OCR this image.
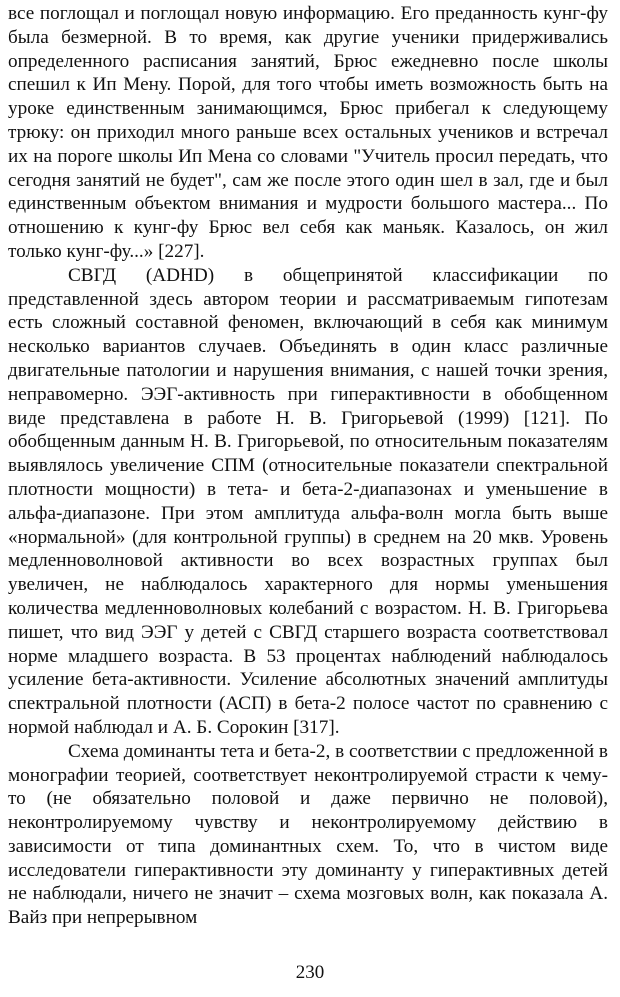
все поглощал и поглощал новую информацию. Его преданность кунг-фу была безмерной. В то время, как другие ученики придерживались определенного расписания занятий, Брюс ежедневно после школы спешил к Ип Мену. Порой, для того чтобы иметь возможность быть на уроке единственным занимающимся, Брюс прибегал к следующему трюку: он приходил много раньше всех остальных учеников и встречал их на пороге школы Ип Мена со словами "Учитель просил передать, что сегодня занятий не будет", сам же после этого один шел в зал, где и был единственным объектом внимания и мудрости большого мастера... По отношению к кунг-фу Брюс вел себя как маньяк. Казалось, он жил только кунг-фу...» [227].

СВГД (ADHD) в общепринятой классификации по представленной здесь автором теории и рассматриваемым гипотезам есть сложный составной феномен, включающий в себя как минимум несколько вариантов случаев. Объединять в один класс различные двигательные патологии и нарушения внимания, с нашей точки зрения, неправомерно. ЭЭГ-активность при гиперактивности в обобщенном виде представлена в работе Н. В. Григорьевой (1999) [121]. По обобщенным данным Н. В. Григорьевой, по относительным показателям выявлялось увеличение СПМ (относительные показатели спектральной плотности мощности) в тета- и бета-2-диапазонах и уменьшение в альфа-диапазоне. При этом амплитуда альфа-волн могла быть выше «нормальной» (для контрольной группы) в среднем на 20 мкв. Уровень медленноволновой активности во всех возрастных группах был увеличен, не наблюдалось характерного для нормы уменьшения количества медленноволновых колебаний с возрастом. Н. В. Григорьева пишет, что вид ЭЭГ у детей с СВГД старшего возраста соответствовал норме младшего возраста. В 53 процентах наблюдений наблюдалось усиление бета-активности. Усиление абсолютных значений амплитуды спектральной плотности (АСП) в бета-2 полосе частот по сравнению с нормой наблюдал и А. Б. Сорокин [317].

Схема доминанты тета и бета-2, в соответствии с предложенной в монографии теорией, соответствует неконтролируемой страсти к чему-то (не обязательно половой и даже первично не половой), неконтролируемому чувству и неконтролируемому действию в зависимости от типа доминантных схем. То, что в чистом виде исследователи гиперактивности эту доминанту у гиперактивных детей не наблюдали, ничего не значит – схема мозговых волн, как показала А. Вайз при непрерывном

230
